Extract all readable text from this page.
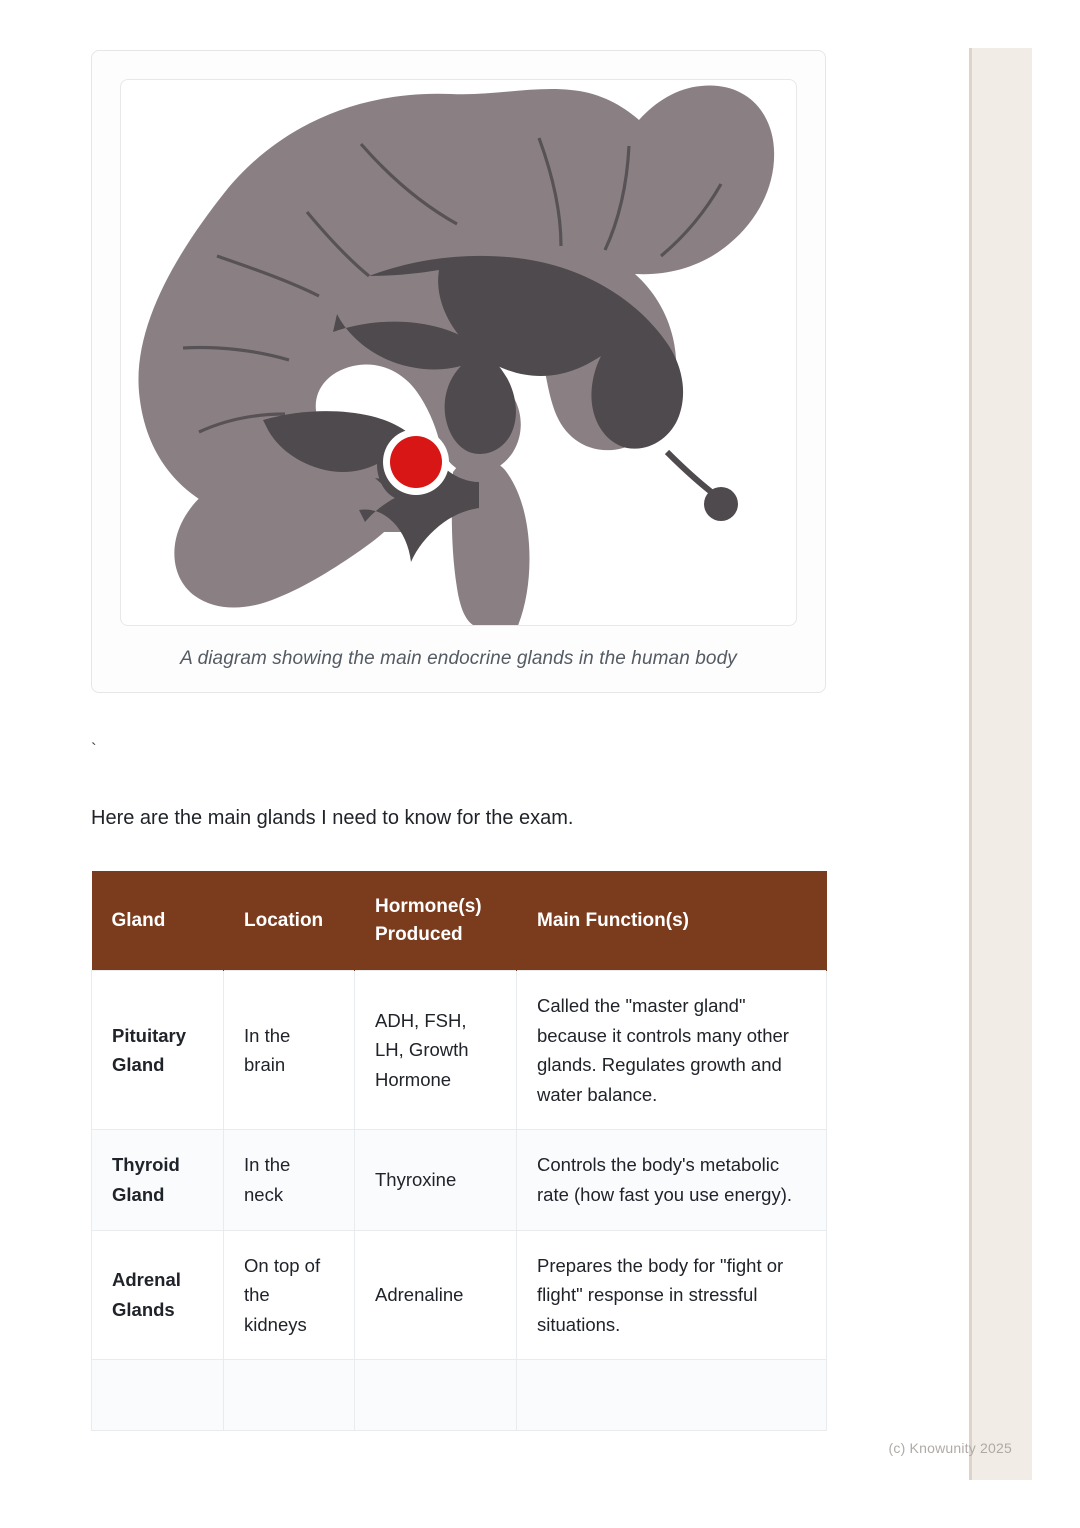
A diagram showing the main endocrine glands in the human body
`

Here are the main glands I need to know for the exam.

Gland	Location	Hormone(s) Produced	Main Function(s)
Pituitary Gland	In the brain	ADH, FSH, LH, Growth Hormone	Called the "master gland" because it controls many other glands. Regulates growth and water balance.
Thyroid Gland	In the neck	Thyroxine	Controls the body's metabolic rate (how fast you use energy).
Adrenal Glands	On top of the kidneys	Adrenaline	Prepares the body for "fight or flight" response in stressful situations.

(c) Knowunity 2025
